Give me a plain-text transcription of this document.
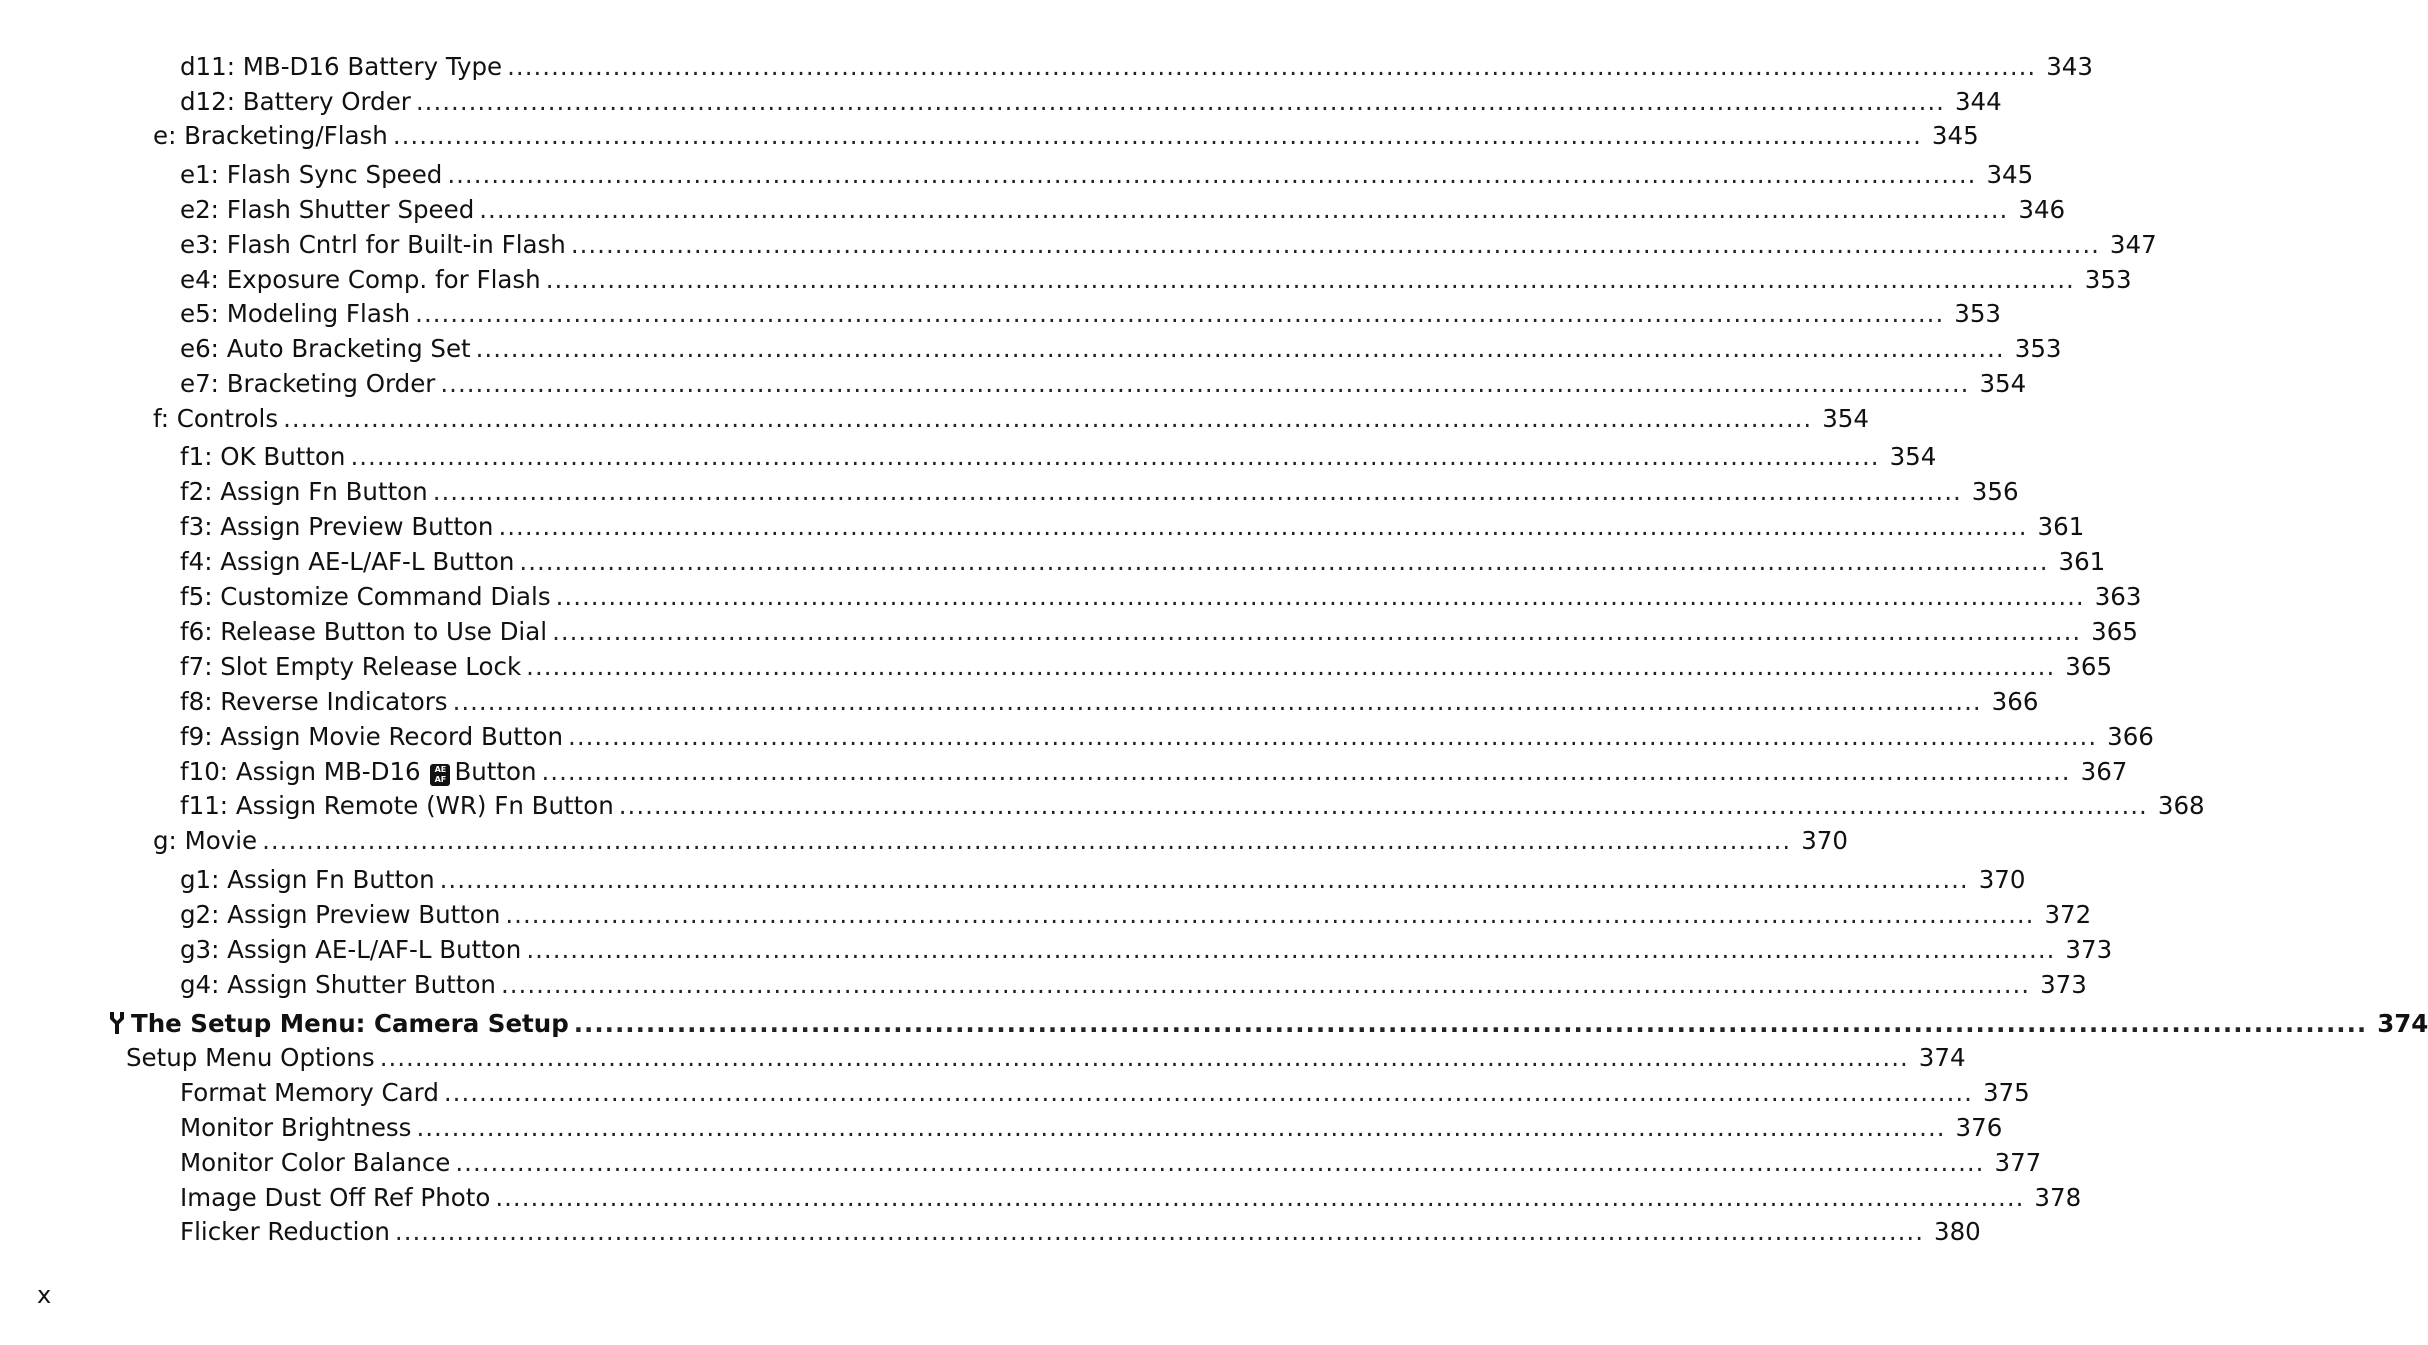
d11: MB-D16 Battery Type .............................................................................................................................................................................. 343
d12: Battery Order .............................................................................................................................................................................. 344
e: Bracketing/Flash .............................................................................................................................................................................. 345
e1: Flash Sync Speed .............................................................................................................................................................................. 345
e2: Flash Shutter Speed .............................................................................................................................................................................. 346
e3: Flash Cntrl for Built-in Flash .............................................................................................................................................................................. 347
e4: Exposure Comp. for Flash .............................................................................................................................................................................. 353
e5: Modeling Flash .............................................................................................................................................................................. 353
e6: Auto Bracketing Set .............................................................................................................................................................................. 353
e7: Bracketing Order .............................................................................................................................................................................. 354
f: Controls .............................................................................................................................................................................. 354
f1: OK Button .............................................................................................................................................................................. 354
f2: Assign Fn Button .............................................................................................................................................................................. 356
f3: Assign Preview Button .............................................................................................................................................................................. 361
f4: Assign AE-L/AF-L Button .............................................................................................................................................................................. 361
f5: Customize Command Dials .............................................................................................................................................................................. 363
f6: Release Button to Use Dial .............................................................................................................................................................................. 365
f7: Slot Empty Release Lock .............................................................................................................................................................................. 365
f8: Reverse Indicators .............................................................................................................................................................................. 366
f9: Assign Movie Record Button .............................................................................................................................................................................. 366
f10: Assign MB-D16 AE
AF Button .............................................................................................................................................................................. 367
f11: Assign Remote (WR) Fn Button .............................................................................................................................................................................. 368
g: Movie .............................................................................................................................................................................. 370
g1: Assign Fn Button .............................................................................................................................................................................. 370
g2: Assign Preview Button .............................................................................................................................................................................. 372
g3: Assign AE-L/AF-L Button .............................................................................................................................................................................. 373
g4: Assign Shutter Button .............................................................................................................................................................................. 373
The Setup Menu: Camera Setup .............................................................................................................................................................................. 374
Setup Menu Options .............................................................................................................................................................................. 374
Format Memory Card .............................................................................................................................................................................. 375
Monitor Brightness .............................................................................................................................................................................. 376
Monitor Color Balance .............................................................................................................................................................................. 377
Image Dust Off Ref Photo .............................................................................................................................................................................. 378
Flicker Reduction .............................................................................................................................................................................. 380
x
